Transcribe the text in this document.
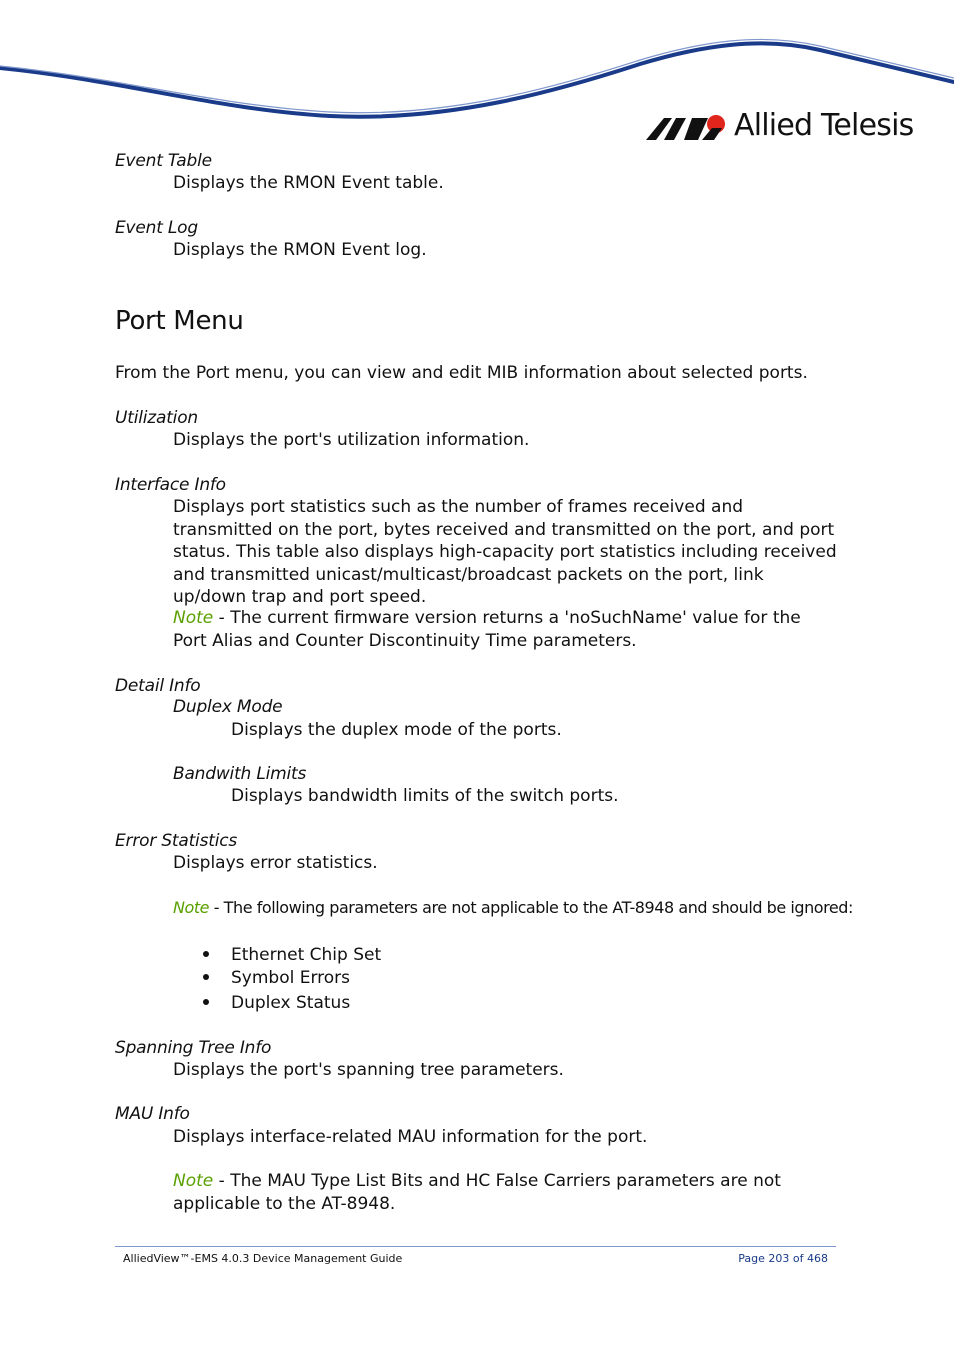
Allied Telesis
Event Table
Displays the RMON Event table.
Event Log
Displays the RMON Event log.
Port Menu
From the Port menu, you can view and edit MIB information about selected ports.
Utilization
Displays the port's utilization information.
Interface Info
Displays port statistics such as the number of frames received and transmitted on the port, bytes received and transmitted on the port, and port status. This table also displays high-capacity port statistics including received and transmitted unicast/multicast/broadcast packets on the port, link up/down trap and port speed.
Note - The current firmware version returns a 'noSuchName' value for the Port Alias and Counter Discontinuity Time parameters.
Detail Info
Duplex Mode
Displays the duplex mode of the ports.
Bandwith Limits
Displays bandwidth limits of the switch ports.
Error Statistics
Displays error statistics.
Note - The following parameters are not applicable to the AT-8948 and should be ignored:
Ethernet Chip Set
Symbol Errors
Duplex Status
Spanning Tree Info
Displays the port's spanning tree parameters.
MAU Info
Displays interface-related MAU information for the port.
Note - The MAU Type List Bits and HC False Carriers parameters are not applicable to the AT-8948.
AlliedView™-EMS 4.0.3 Device Management Guide	Page 203 of 468
